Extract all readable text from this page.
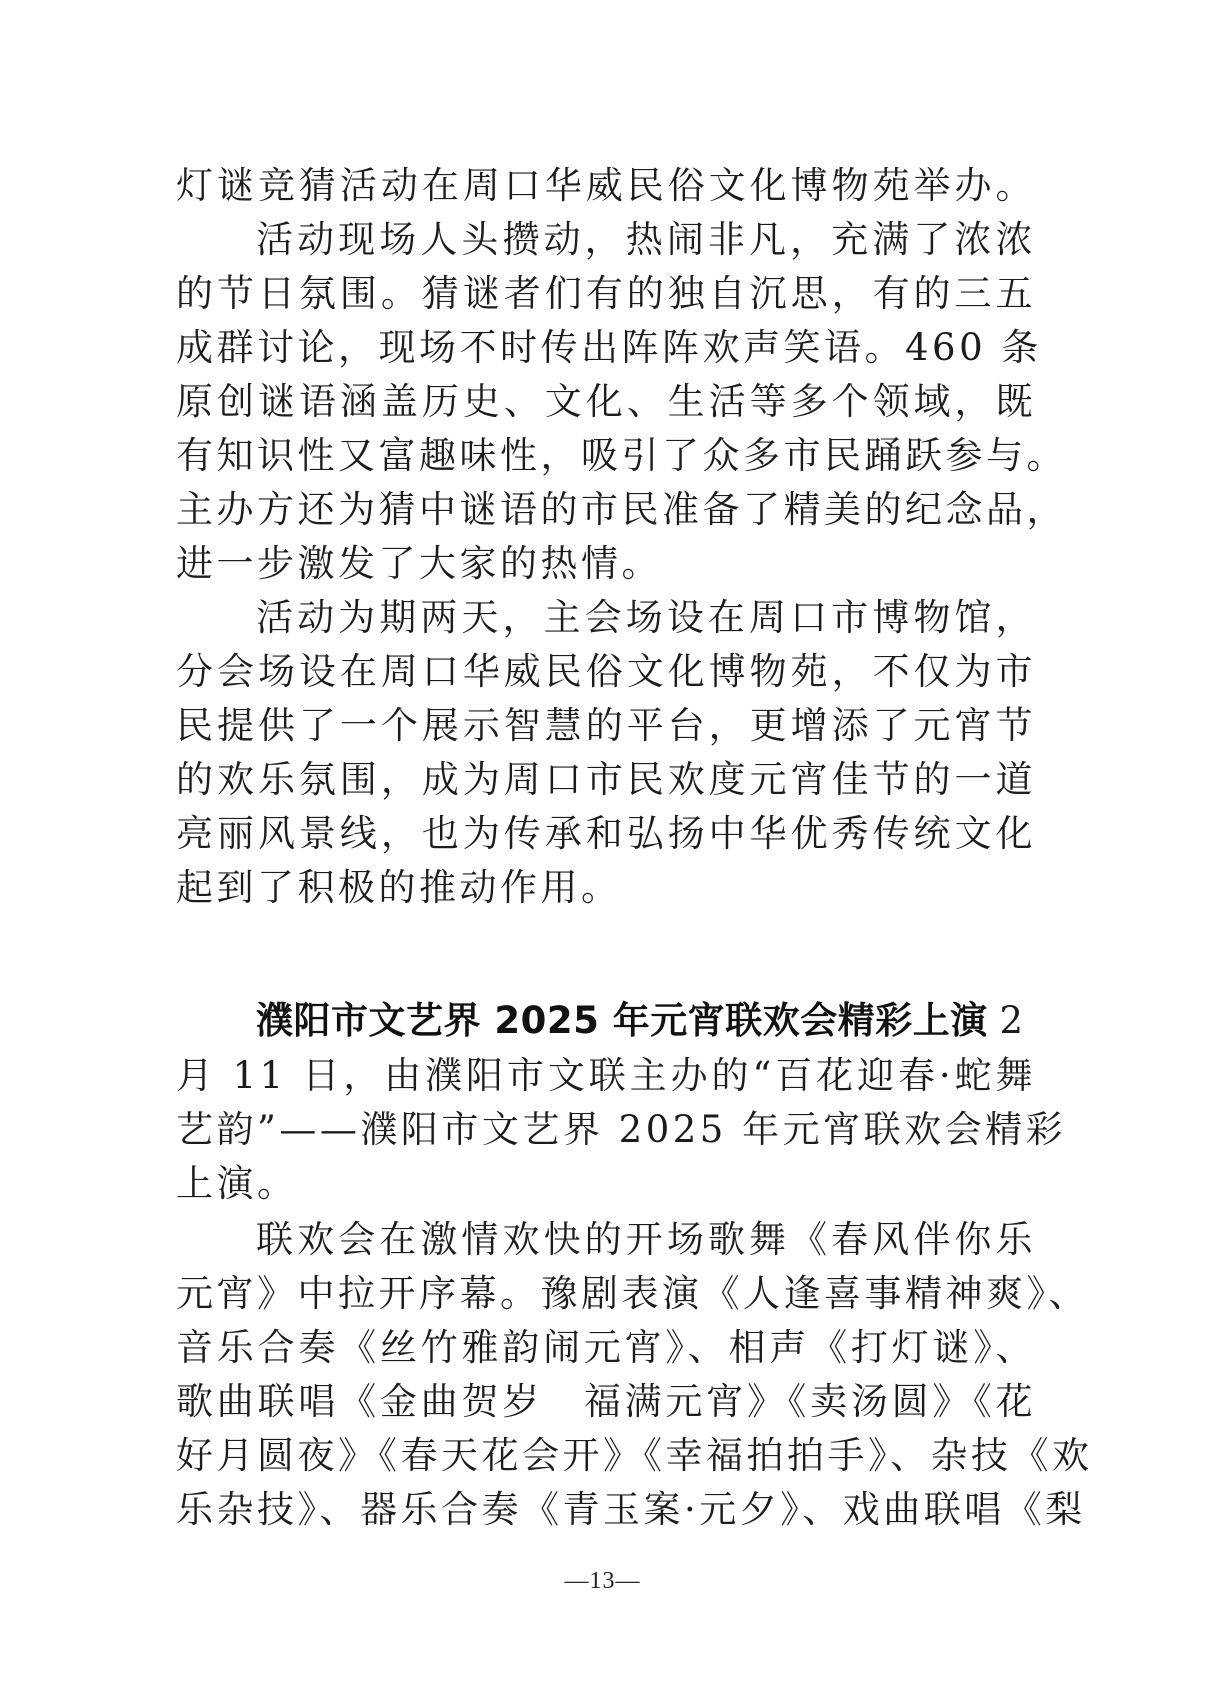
灯谜竞猜活动在周口华威民俗文化博物苑举办。
活动现场人头攒动，热闹非凡，充满了浓浓
的节日氛围。猜谜者们有的独自沉思，有的三五
成群讨论，现场不时传出阵阵欢声笑语。460 条
原创谜语涵盖历史、文化、生活等多个领域，既
有知识性又富趣味性，吸引了众多市民踊跃参与。
主办方还为猜中谜语的市民准备了精美的纪念品，
进一步激发了大家的热情。
活动为期两天，主会场设在周口市博物馆，
分会场设在周口华威民俗文化博物苑，不仅为市
民提供了一个展示智慧的平台，更增添了元宵节
的欢乐氛围，成为周口市民欢度元宵佳节的一道
亮丽风景线，也为传承和弘扬中华优秀传统文化
起到了积极的推动作用。
濮阳市文艺界 2025 年元宵联欢会精彩上演 2
月 11 日，由濮阳市文联主办的“百花迎春·蛇舞
艺韵”——濮阳市文艺界 2025 年元宵联欢会精彩
上演。
联欢会在激情欢快的开场歌舞《春风伴你乐
元宵》中拉开序幕。豫剧表演《人逢喜事精神爽》、
音乐合奏《丝竹雅韵闹元宵》、相声《打灯谜》、
歌曲联唱《金曲贺岁　福满元宵》《卖汤圆》《花
好月圆夜》《春天花会开》《幸福拍拍手》、杂技《欢
乐杂技》、器乐合奏《青玉案·元夕》、戏曲联唱《梨
—13—
